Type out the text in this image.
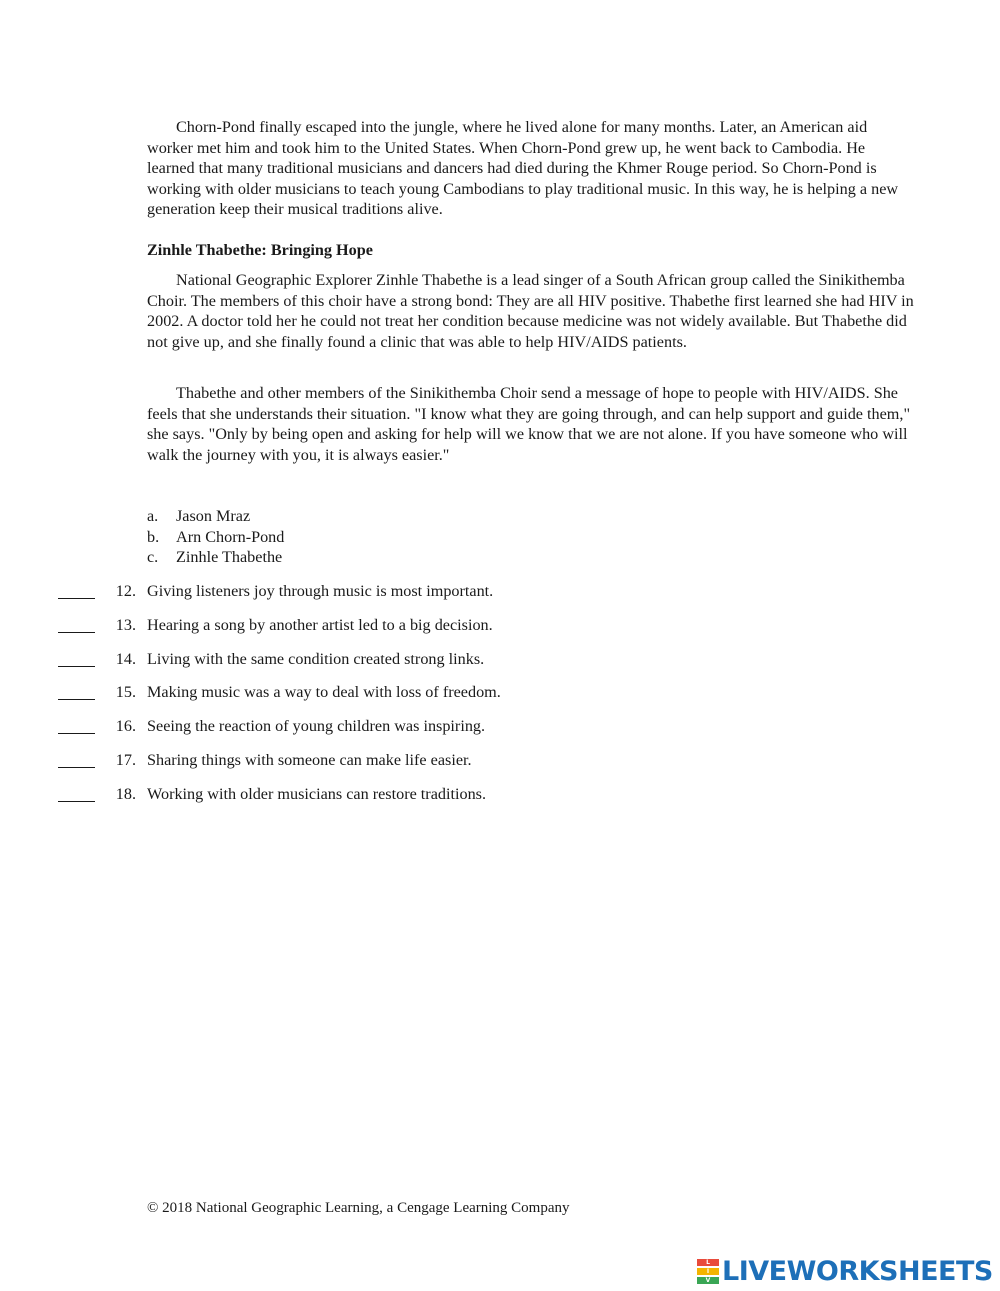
Chorn-Pond finally escaped into the jungle, where he lived alone for many months. Later, an American aid worker met him and took him to the United States. When Chorn-Pond grew up, he went back to Cambodia. He learned that many traditional musicians and dancers had died during the Khmer Rouge period. So Chorn-Pond is working with older musicians to teach young Cambodians to play traditional music. In this way, he is helping a new generation keep their musical traditions alive.

Zinhle Thabethe: Bringing Hope

National Geographic Explorer Zinhle Thabethe is a lead singer of a South African group called the Sinikithemba Choir. The members of this choir have a strong bond: They are all HIV positive. Thabethe first learned she had HIV in 2002. A doctor told her he could not treat her condition because medicine was not widely available. But Thabethe did not give up, and she finally found a clinic that was able to help HIV/AIDS patients.

Thabethe and other members of the Sinikithemba Choir send a message of hope to people with HIV/AIDS. She feels that she understands their situation. "I know what they are going through, and can help support and guide them," she says. "Only by being open and asking for help will we know that we are not alone. If you have someone who will walk the journey with you, it is always easier."

a. Jason Mraz
b. Arn Chorn-Pond
c. Zinhle Thabethe
12. Giving listeners joy through music is most important.
13. Hearing a song by another artist led to a big decision.
14. Living with the same condition created strong links.
15. Making music was a way to deal with loss of freedom.
16. Seeing the reaction of young children was inspiring.
17. Sharing things with someone can make life easier.
18. Working with older musicians can restore traditions.
© 2018 National Geographic Learning, a Cengage Learning Company
L
I
V LIVEWORKSHEETS
